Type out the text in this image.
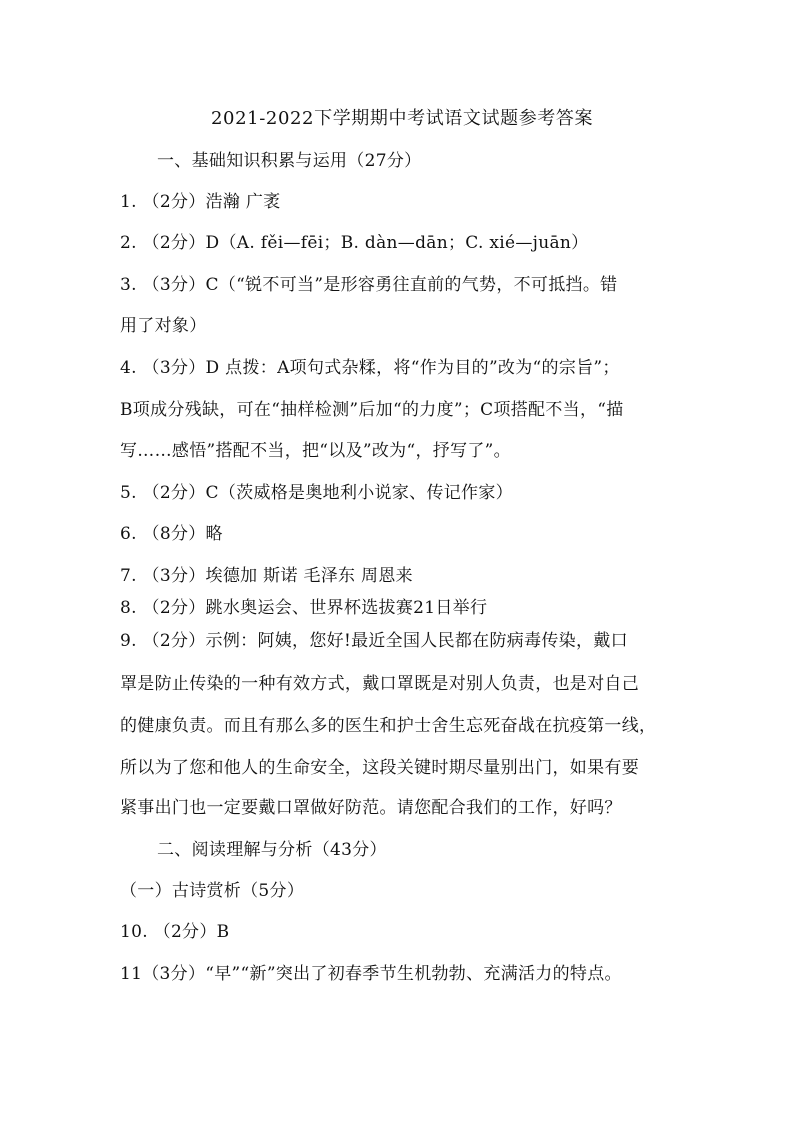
2021-2022下学期期中考试语文试题参考答案
一、基础知识积累与运用（27分）
1. （2分）浩瀚 广袤
2. （2分）D（A. fěi—fēi；B. dàn—dān；C. xié—juān）
3. （3分）C（“锐不可当”是形容勇往直前的气势，不可抵挡。错
用了对象）
4. （3分）D 点拨：A项句式杂糅，将“作为目的”改为“的宗旨”；
B项成分残缺，可在“抽样检测”后加“的力度”；C项搭配不当，“描
写……感悟”搭配不当，把“以及”改为“，抒写了”。
5. （2分）C（茨威格是奥地利小说家、传记作家）
6. （8分）略
7. （3分）埃德加 斯诺 毛泽东 周恩来
8. （2分）跳水奥运会、世界杯选拔赛21日举行
9. （2分）示例：阿姨，您好!最近全国人民都在防病毒传染，戴口
罩是防止传染的一种有效方式，戴口罩既是对别人负责，也是对自己
的健康负责。而且有那么多的医生和护士舍生忘死奋战在抗疫第一线，
所以为了您和他人的生命安全，这段关键时期尽量别出门，如果有要
紧事出门也一定要戴口罩做好防范。请您配合我们的工作，好吗？
二、阅读理解与分析（43分）
（一）古诗赏析（5分）
10. （2分）B
11（3分）“早”“新”突出了初春季节生机勃勃、充满活力的特点。
